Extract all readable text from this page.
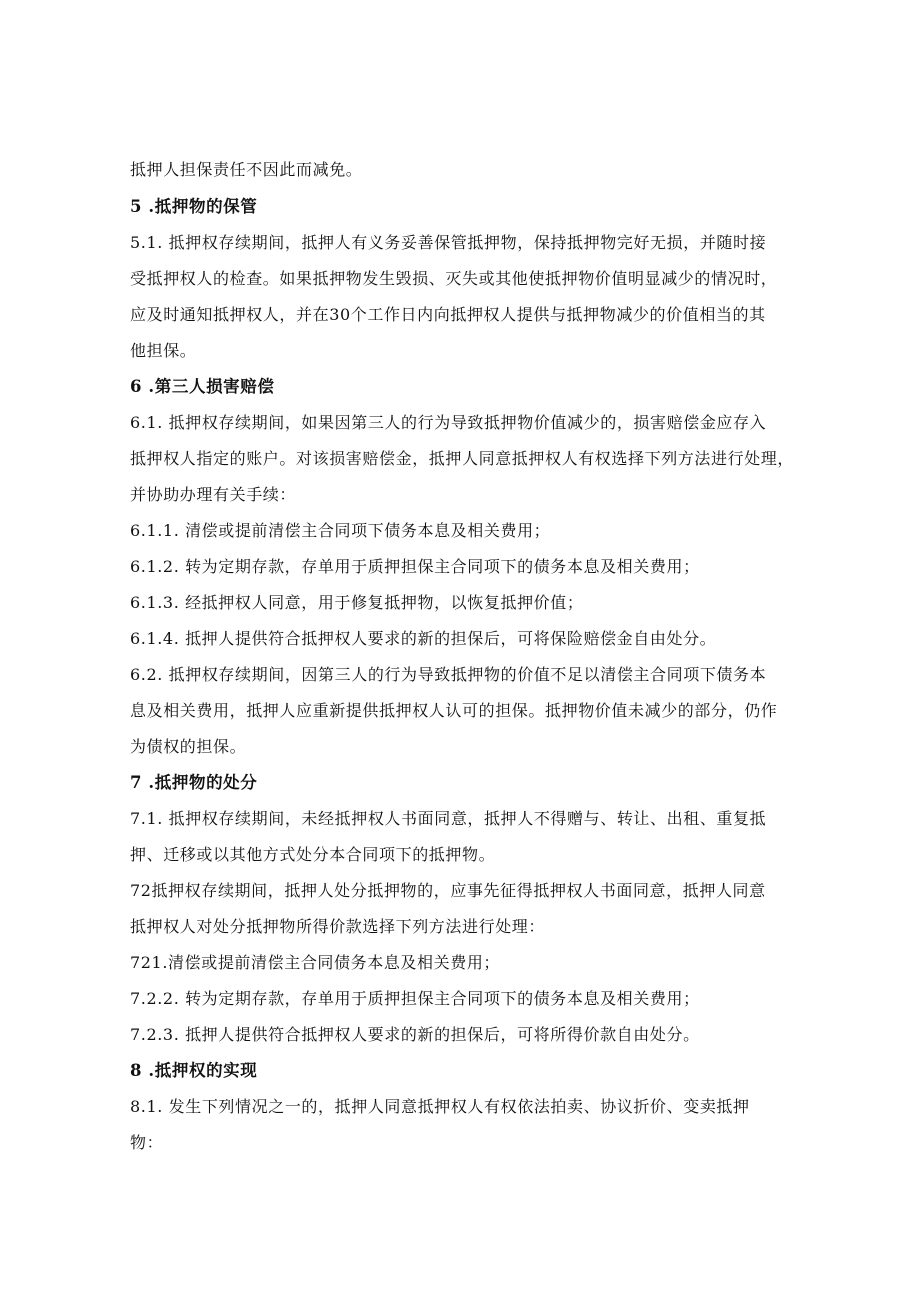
抵押人担保责任不因此而减免。
5 .抵押物的保管
5.1. 抵押权存续期间，抵押人有义务妥善保管抵押物，保持抵押物完好无损，并随时接
受抵押权人的检查。如果抵押物发生毁损、灭失或其他使抵押物价值明显减少的情况时，
应及时通知抵押权人，并在30个工作日内向抵押权人提供与抵押物减少的价值相当的其
他担保。
6 .第三人损害赔偿
6.1. 抵押权存续期间，如果因第三人的行为导致抵押物价值减少的，损害赔偿金应存入
抵押权人指定的账户。对该损害赔偿金，抵押人同意抵押权人有权选择下列方法进行处理，
并协助办理有关手续：
6.1.1. 清偿或提前清偿主合同项下债务本息及相关费用；
6.1.2. 转为定期存款，存单用于质押担保主合同项下的债务本息及相关费用；
6.1.3. 经抵押权人同意，用于修复抵押物，以恢复抵押价值；
6.1.4. 抵押人提供符合抵押权人要求的新的担保后，可将保险赔偿金自由处分。
6.2. 抵押权存续期间，因第三人的行为导致抵押物的价值不足以清偿主合同项下债务本
息及相关费用，抵押人应重新提供抵押权人认可的担保。抵押物价值未减少的部分，仍作
为债权的担保。
7 .抵押物的处分
7.1. 抵押权存续期间，未经抵押权人书面同意，抵押人不得赠与、转让、出租、重复抵
押、迁移或以其他方式处分本合同项下的抵押物。
72抵押权存续期间，抵押人处分抵押物的，应事先征得抵押权人书面同意，抵押人同意
抵押权人对处分抵押物所得价款选择下列方法进行处理：
721.清偿或提前清偿主合同债务本息及相关费用；
7.2.2. 转为定期存款，存单用于质押担保主合同项下的债务本息及相关费用；
7.2.3. 抵押人提供符合抵押权人要求的新的担保后，可将所得价款自由处分。
8 .抵押权的实现
8.1. 发生下列情况之一的，抵押人同意抵押权人有权依法拍卖、协议折价、变卖抵押
物：
